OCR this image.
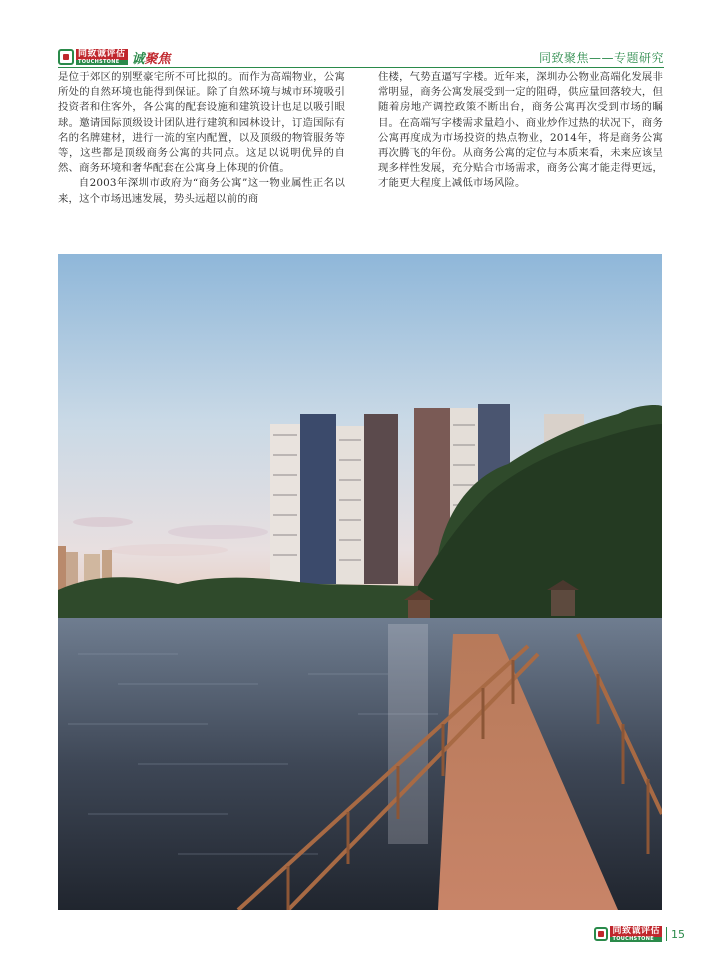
同致诚评估
TOUCHSTONE 诚聚焦	同致聚焦——专题研究

是位于郊区的别墅豪宅所不可比拟的。而作为高端物业，公寓所处的自然环境也能得到保证。除了自然环境与城市环境吸引投资者和住客外，各公寓的配套设施和建筑设计也足以吸引眼球。邀请国际顶级设计团队进行建筑和园林设计，订造国际有名的名牌建材，进行一流的室内配置，以及顶级的物管服务等等，这些都是顶级商务公寓的共同点。这足以说明优异的自然、商务环境和奢华配套在公寓身上体现的价值。

自2003年深圳市政府为“商务公寓”这一物业属性正名以来，这个市场迅速发展，势头远超以前的商

住楼，气势直逼写字楼。近年来，深圳办公物业高端化发展非常明显，商务公寓发展受到一定的阻碍，供应量回落较大，但随着房地产调控政策不断出台，商务公寓再次受到市场的瞩目。在高端写字楼需求量趋小、商业炒作过热的状况下，商务公寓再度成为市场投资的热点物业，2014年，将是商务公寓再次腾飞的年份。从商务公寓的定位与本质来看，未来应该呈现多样性发展，充分贴合市场需求，商务公寓才能走得更远，才能更大程度上减低市场风险。

同致诚评估
TOUCHSTONE	15
